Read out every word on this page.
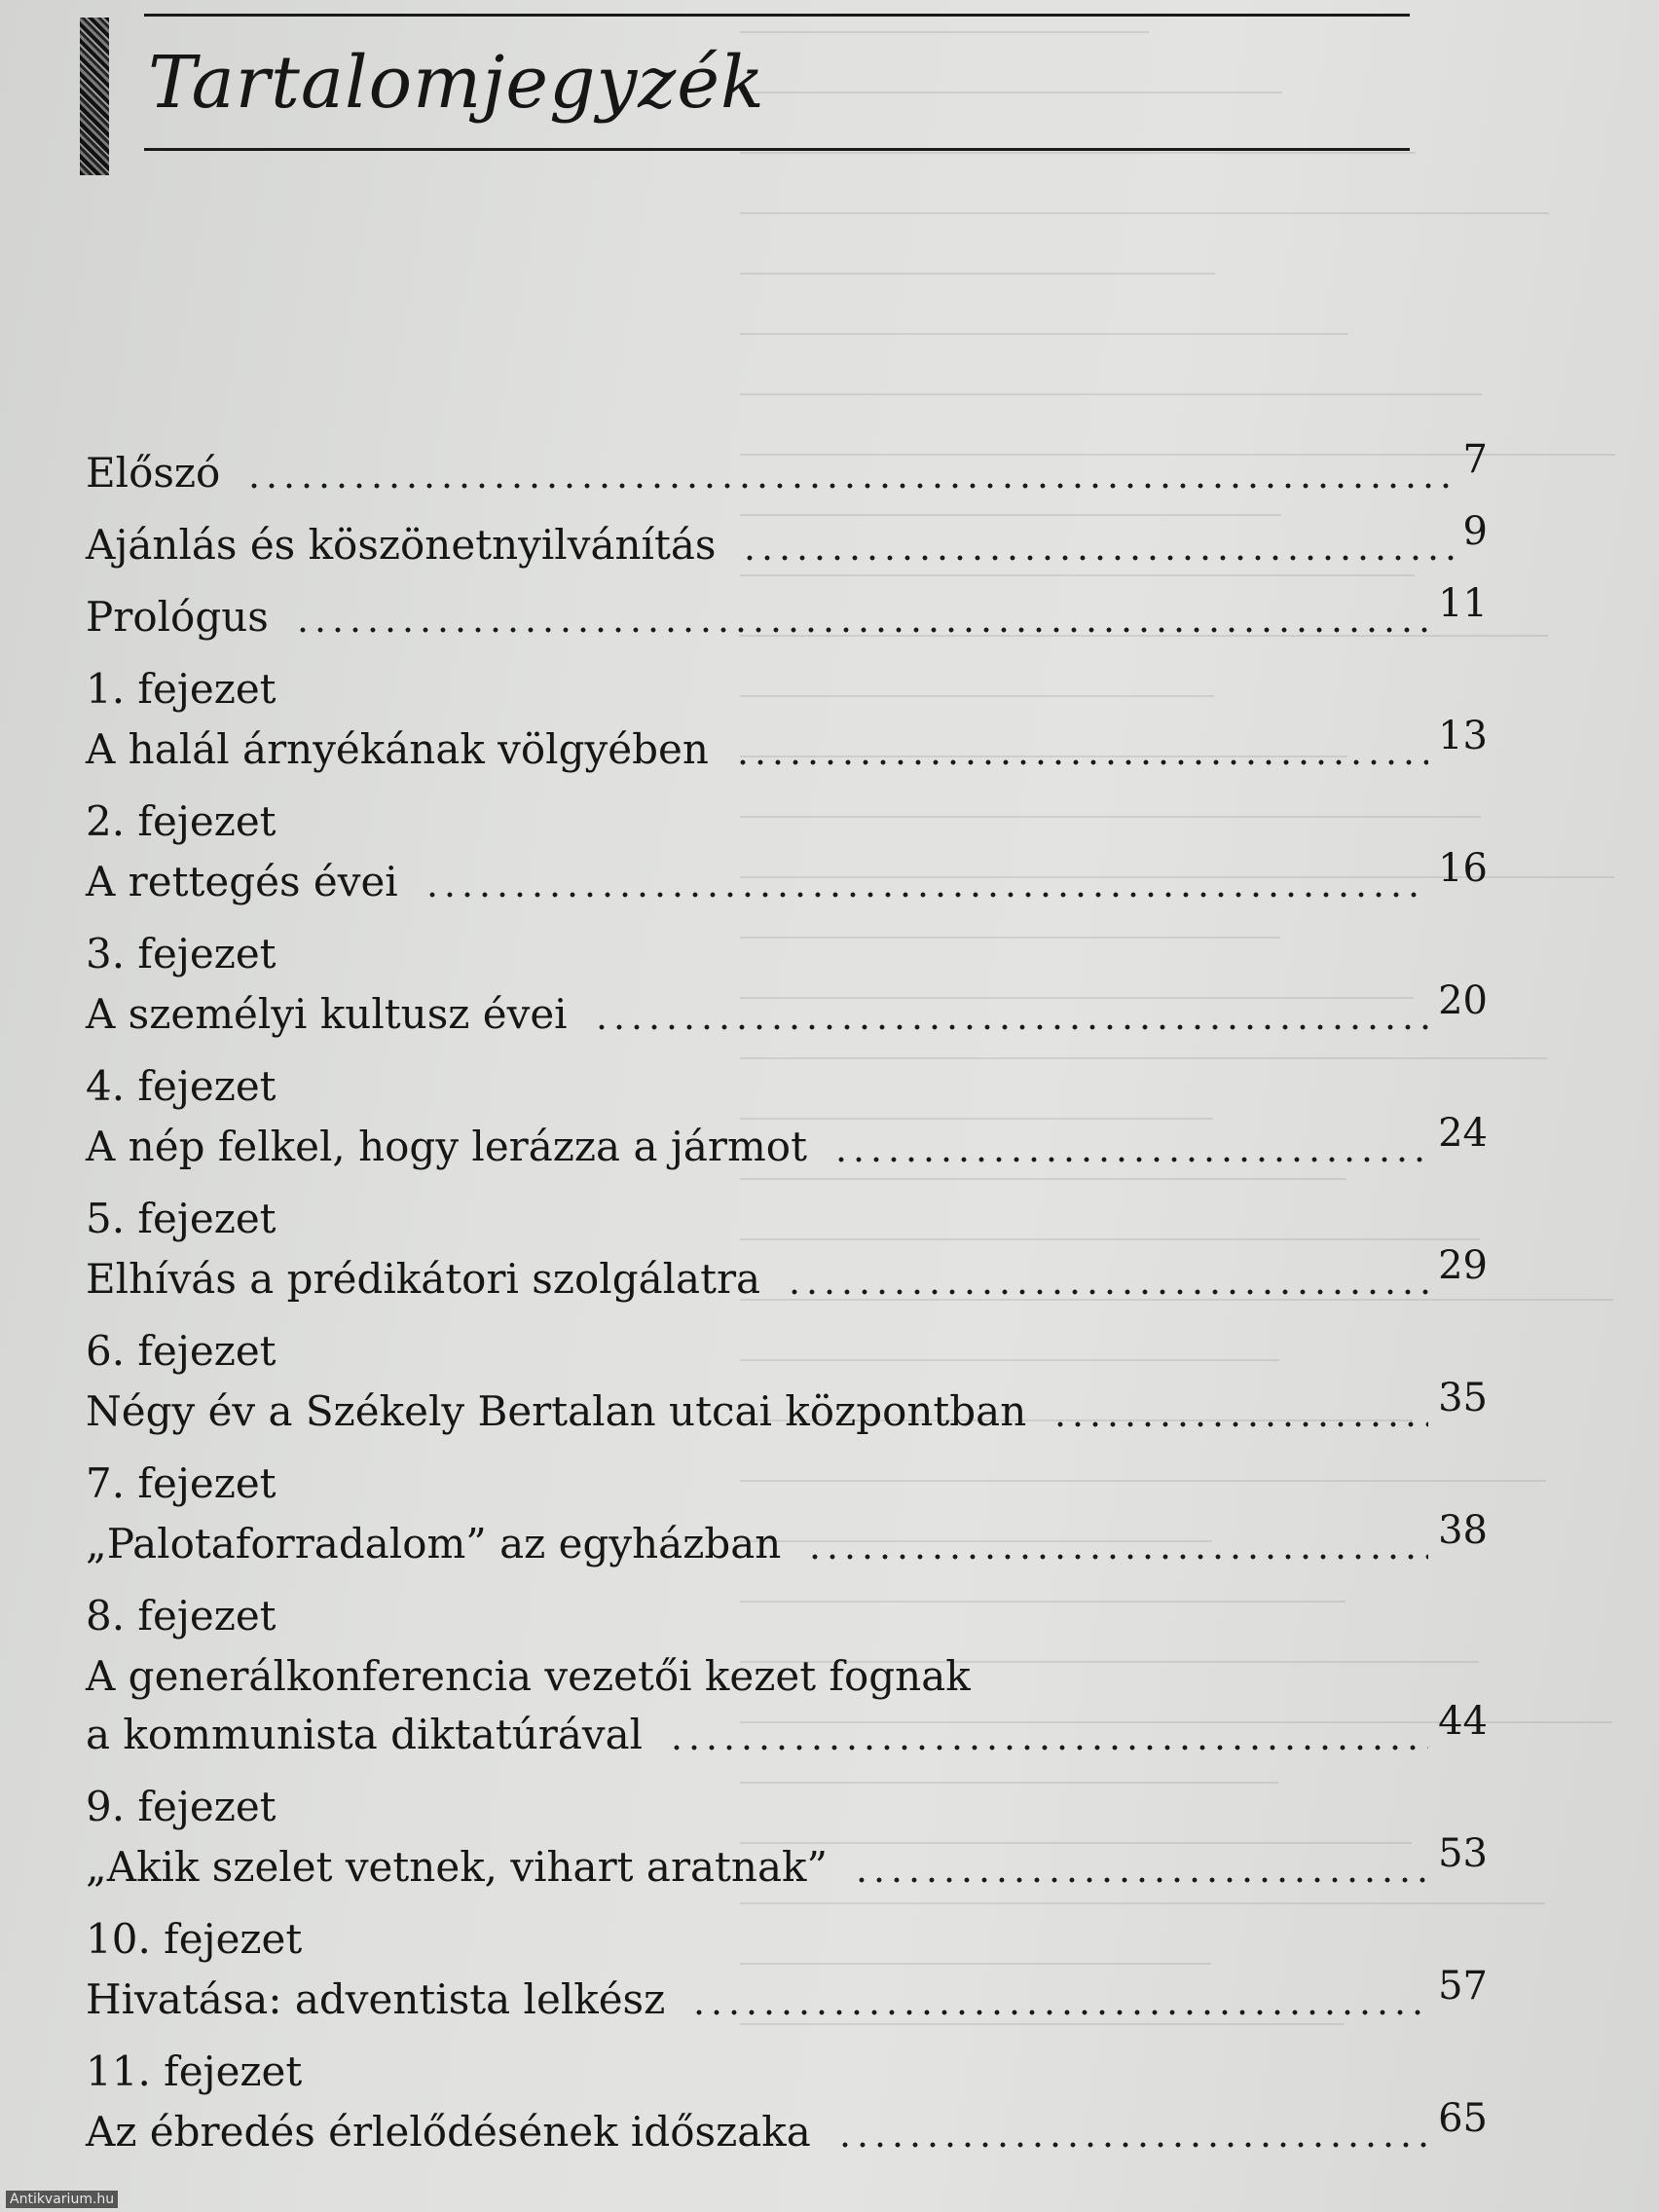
Tartalomjegyzék
Előszó	7
Ajánlás és köszönetnyilvánítás	9
Prológus	11
1. fejezet
A halál árnyékának völgyében	13
2. fejezet
A rettegés évei	16
3. fejezet
A személyi kultusz évei	20
4. fejezet
A nép felkel, hogy lerázza a jármot	24
5. fejezet
Elhívás a prédikátori szolgálatra	29
6. fejezet
Négy év a Székely Bertalan utcai központban	35
7. fejezet
„Palotaforradalom” az egyházban	38
8. fejezet
A generálkonferencia vezetői kezet fognak
a kommunista diktatúrával	44
9. fejezet
„Akik szelet vetnek, vihart aratnak”	53
10. fejezet
Hivatása: adventista lelkész	57
11. fejezet
Az ébredés érlelődésének időszaka	65
Antikvarium.hu
